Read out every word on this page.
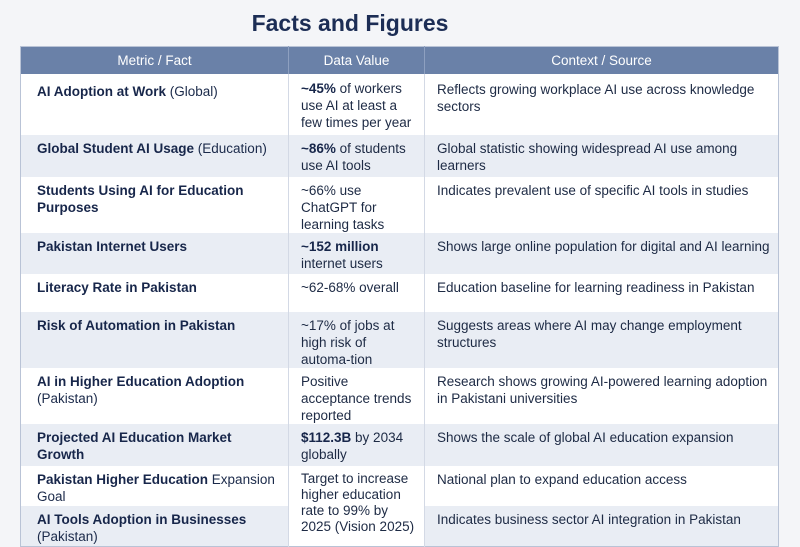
Facts and Figures
Metric / Fact	Data Value	Context / Source
AI Adoption at Work (Global)	~45% of workers use AI at least a few times per year	Reflects growing workplace AI use across knowledge sectors
Global Student AI Usage (Education)	~86% of students use AI tools	Global statistic showing widespread AI use among learners
Students Using AI for Education Purposes	~66% use ChatGPT for learning tasks	Indicates prevalent use of specific AI tools in studies
Pakistan Internet Users	~152 million internet users	Shows large online population for digital and AI learning
Literacy Rate in Pakistan	~62-68% overall	Education baseline for learning readiness in Pakistan
Risk of Automation in Pakistan	~17% of jobs at high risk of automa-tion	Suggests areas where AI may change employment structures
AI in Higher Education Adoption (Pakistan)	Positive acceptance trends reported	Research shows growing AI-powered learning adoption in Pakistani universities
Projected AI Education Market Growth	$112.3B by 2034 globally	Shows the scale of global AI education expansion
Pakistan Higher Education Expansion Goal	Target to increase higher education rate to 99% by 2025 (Vision 2025)	National plan to expand education access
AI Tools Adoption in Businesses (Pakistan)		Indicates business sector AI integration in Pakistan
